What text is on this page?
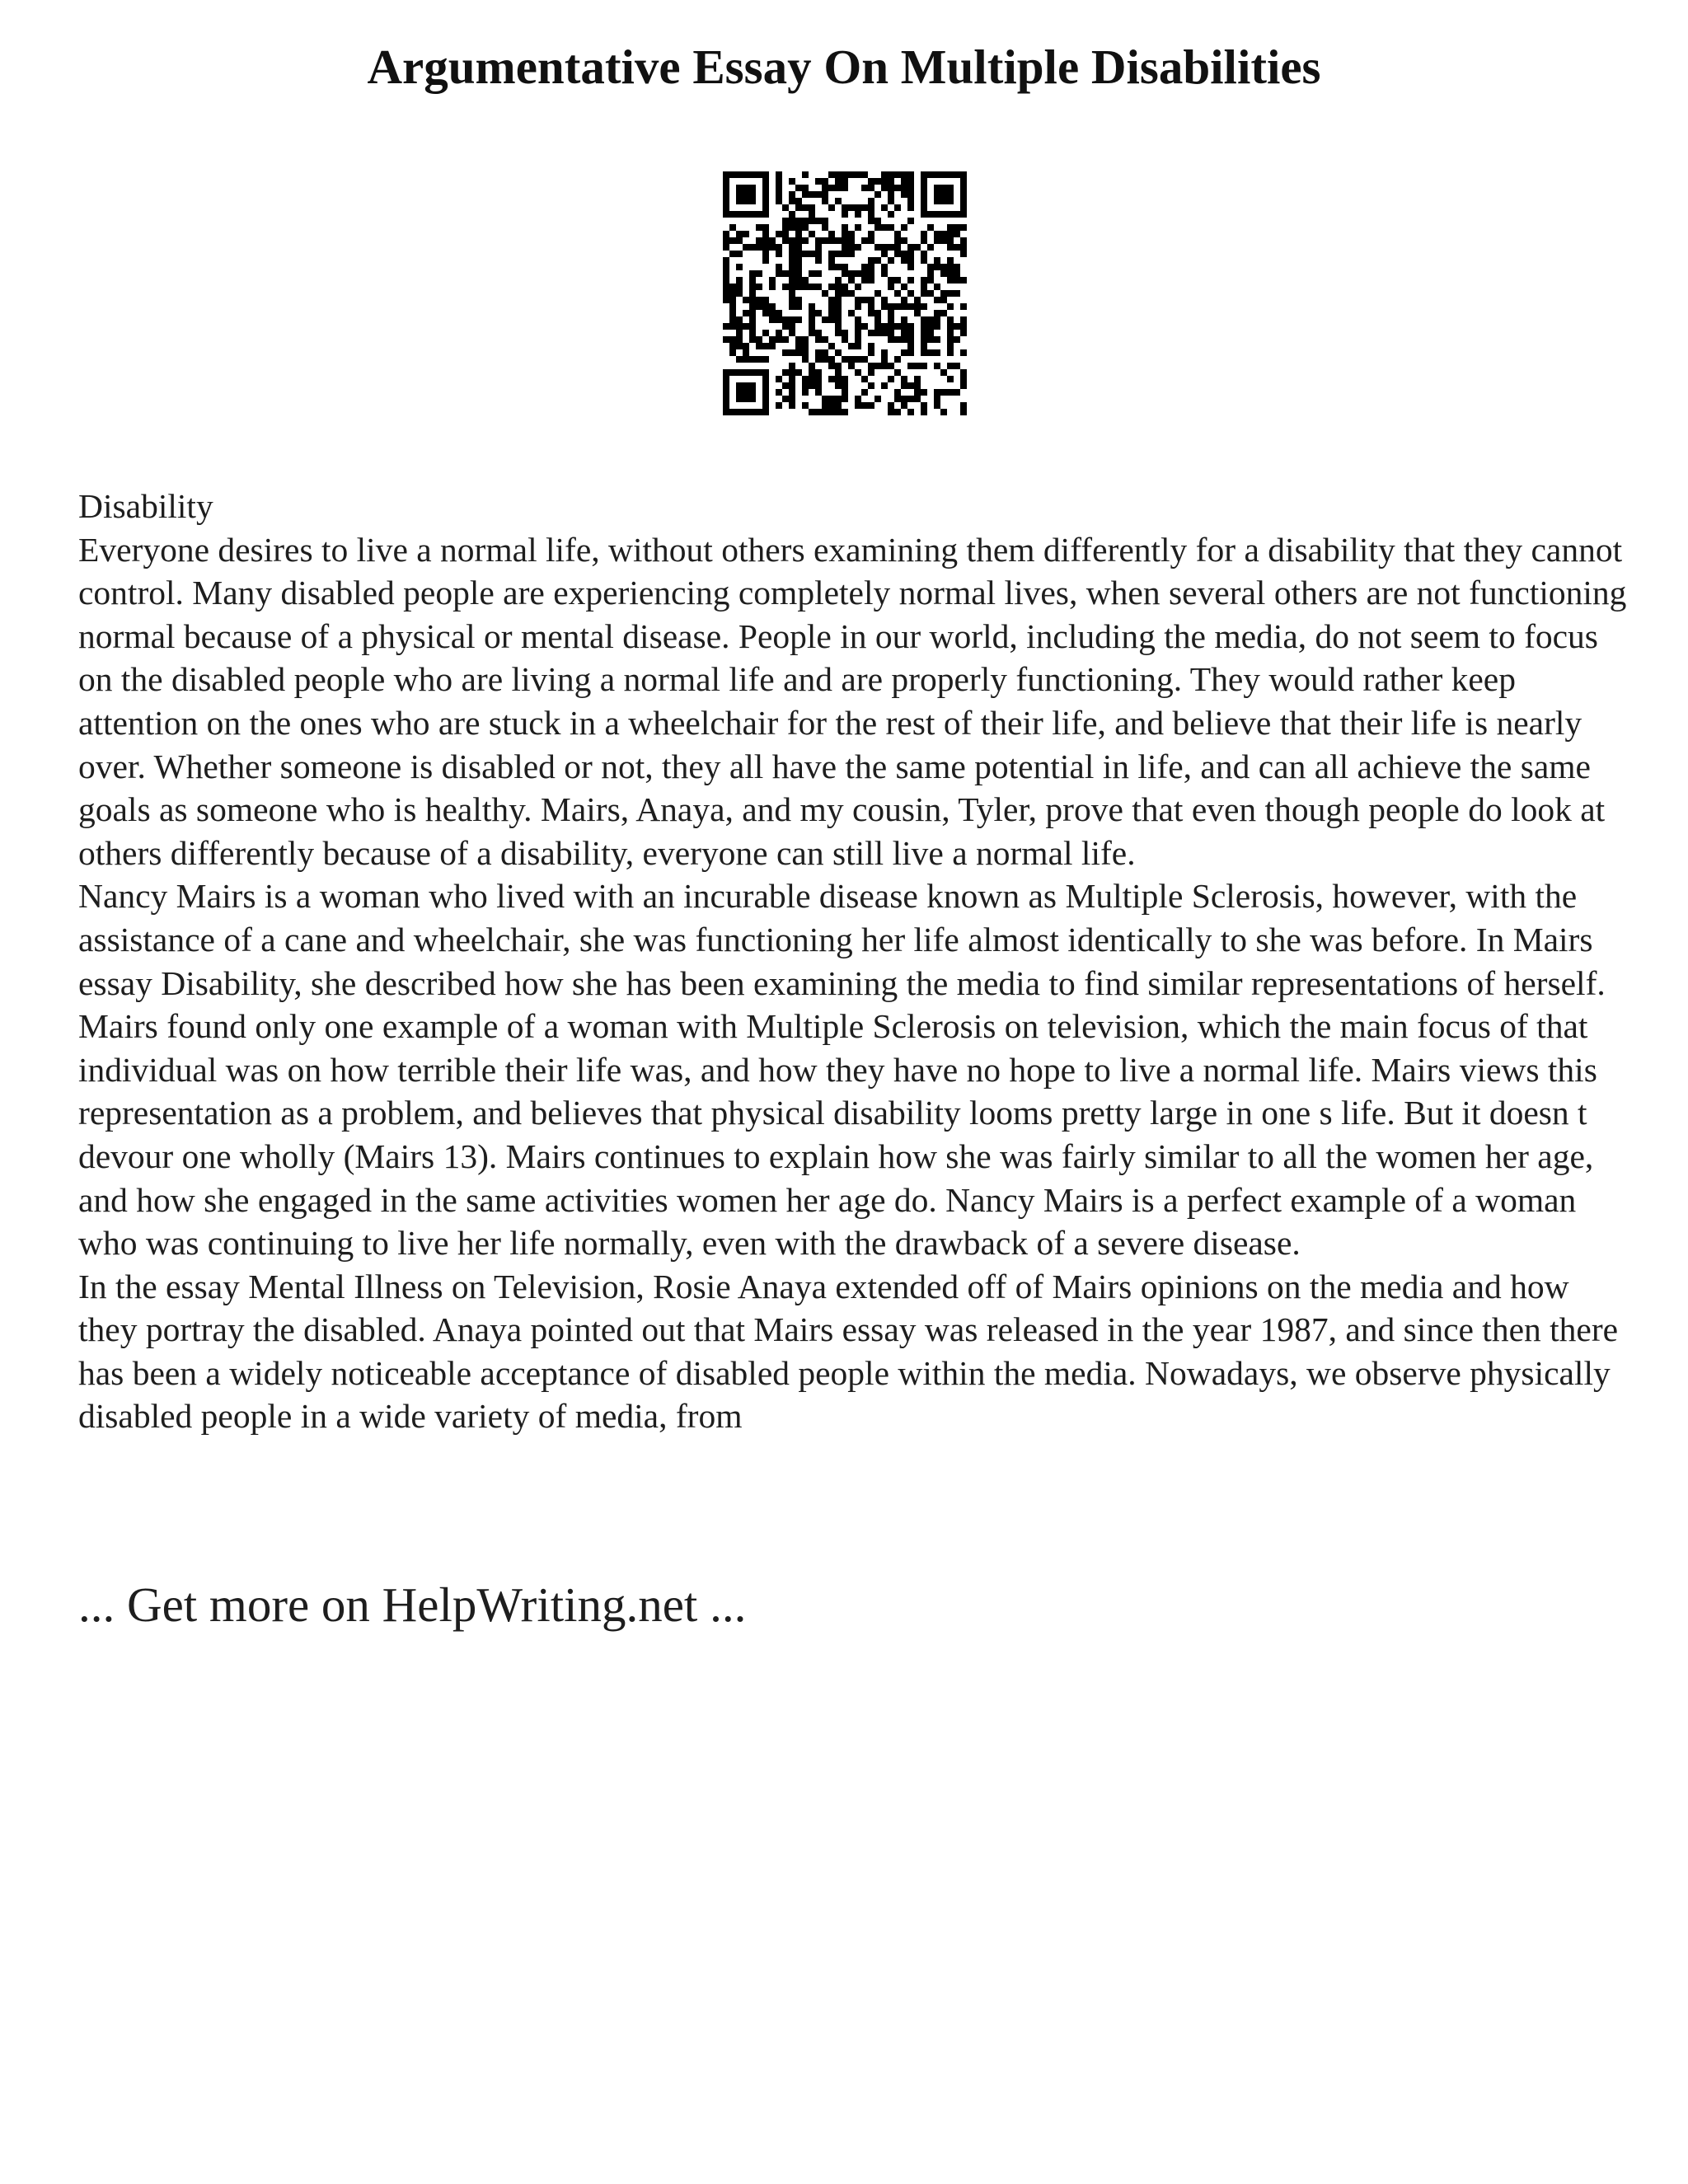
Argumentative Essay On Multiple Disabilities

Disability

Everyone desires to live a normal life, without others examining them differently for a disability that they cannot control. Many disabled people are experiencing completely normal lives, when several others are not functioning normal because of a physical or mental disease. People in our world, including the media, do not seem to focus on the disabled people who are living a normal life and are properly functioning. They would rather keep attention on the ones who are stuck in a wheelchair for the rest of their life, and believe that their life is nearly over. Whether someone is disabled or not, they all have the same potential in life, and can all achieve the same goals as someone who is healthy. Mairs, Anaya, and my cousin, Tyler, prove that even though people do look at others differently because of a disability, everyone can still live a normal life.

Nancy Mairs is a woman who lived with an incurable disease known as Multiple Sclerosis, however, with the assistance of a cane and wheelchair, she was functioning her life almost identically to she was before. In Mairs essay Disability, she described how she has been examining the media to find similar representations of herself. Mairs found only one example of a woman with Multiple Sclerosis on television, which the main focus of that individual was on how terrible their life was, and how they have no hope to live a normal life. Mairs views this representation as a problem, and believes that physical disability looms pretty large in one s life. But it doesn t devour one wholly (Mairs 13). Mairs continues to explain how she was fairly similar to all the women her age, and how she engaged in the same activities women her age do. Nancy Mairs is a perfect example of a woman who was continuing to live her life normally, even with the drawback of a severe disease.

In the essay Mental Illness on Television, Rosie Anaya extended off of Mairs opinions on the media and how they portray the disabled. Anaya pointed out that Mairs essay was released in the year 1987, and since then there has been a widely noticeable acceptance of disabled people within the media. Nowadays, we observe physically disabled people in a wide variety of media, from

... Get more on HelpWriting.net ...
